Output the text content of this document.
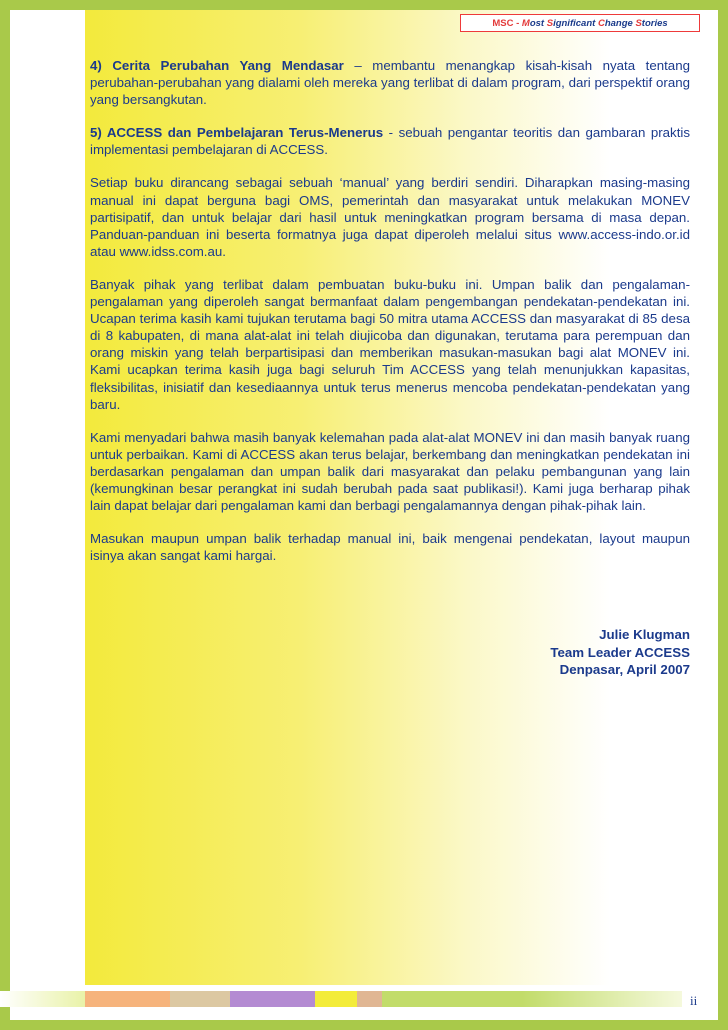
MSC - Most Significant Change Stories

4) Cerita Perubahan Yang Mendasar – membantu menangkap kisah-kisah nyata tentang perubahan-perubahan yang dialami oleh mereka yang terlibat di dalam program, dari perspektif orang yang bersangkutan.

5) ACCESS dan Pembelajaran Terus-Menerus - sebuah pengantar teoritis dan gambaran praktis implementasi pembelajaran di ACCESS.

Setiap buku dirancang sebagai sebuah ‘manual’ yang berdiri sendiri. Diharapkan masing-masing manual ini dapat berguna bagi OMS, pemerintah dan masyarakat untuk melakukan MONEV partisipatif, dan untuk belajar dari hasil untuk meningkatkan program bersama di masa depan. Panduan-panduan ini beserta formatnya juga dapat diperoleh melalui situs www.access-indo.or.id atau www.idss.com.au.

Banyak pihak yang terlibat dalam pembuatan buku-buku ini. Umpan balik dan pengalaman-pengalaman yang diperoleh sangat bermanfaat dalam pengembangan pendekatan-pendekatan ini. Ucapan terima kasih kami tujukan terutama bagi 50 mitra utama ACCESS dan masyarakat di 85 desa di 8 kabupaten, di mana alat-alat ini telah diujicoba dan digunakan, terutama para perempuan dan orang miskin yang telah berpartisipasi dan memberikan masukan-masukan bagi alat MONEV ini. Kami ucapkan terima kasih juga bagi seluruh Tim ACCESS yang telah menunjukkan kapasitas, fleksibilitas, inisiatif dan kesediaannya untuk terus menerus mencoba pendekatan-pendekatan yang baru.

Kami menyadari bahwa masih banyak kelemahan pada alat-alat MONEV ini dan masih banyak ruang untuk perbaikan. Kami di ACCESS akan terus belajar, berkembang dan meningkatkan pendekatan ini berdasarkan pengalaman dan umpan balik dari masyarakat dan pelaku pembangunan yang lain (kemungkinan besar perangkat ini sudah berubah pada saat publikasi!). Kami juga berharap pihak lain dapat belajar dari pengalaman kami dan berbagi pengalamannya dengan pihak-pihak lain.

Masukan maupun umpan balik terhadap manual ini, baik mengenai pendekatan, layout maupun isinya akan sangat kami hargai.

Julie Klugman
Team Leader ACCESS
Denpasar, April 2007
ii
